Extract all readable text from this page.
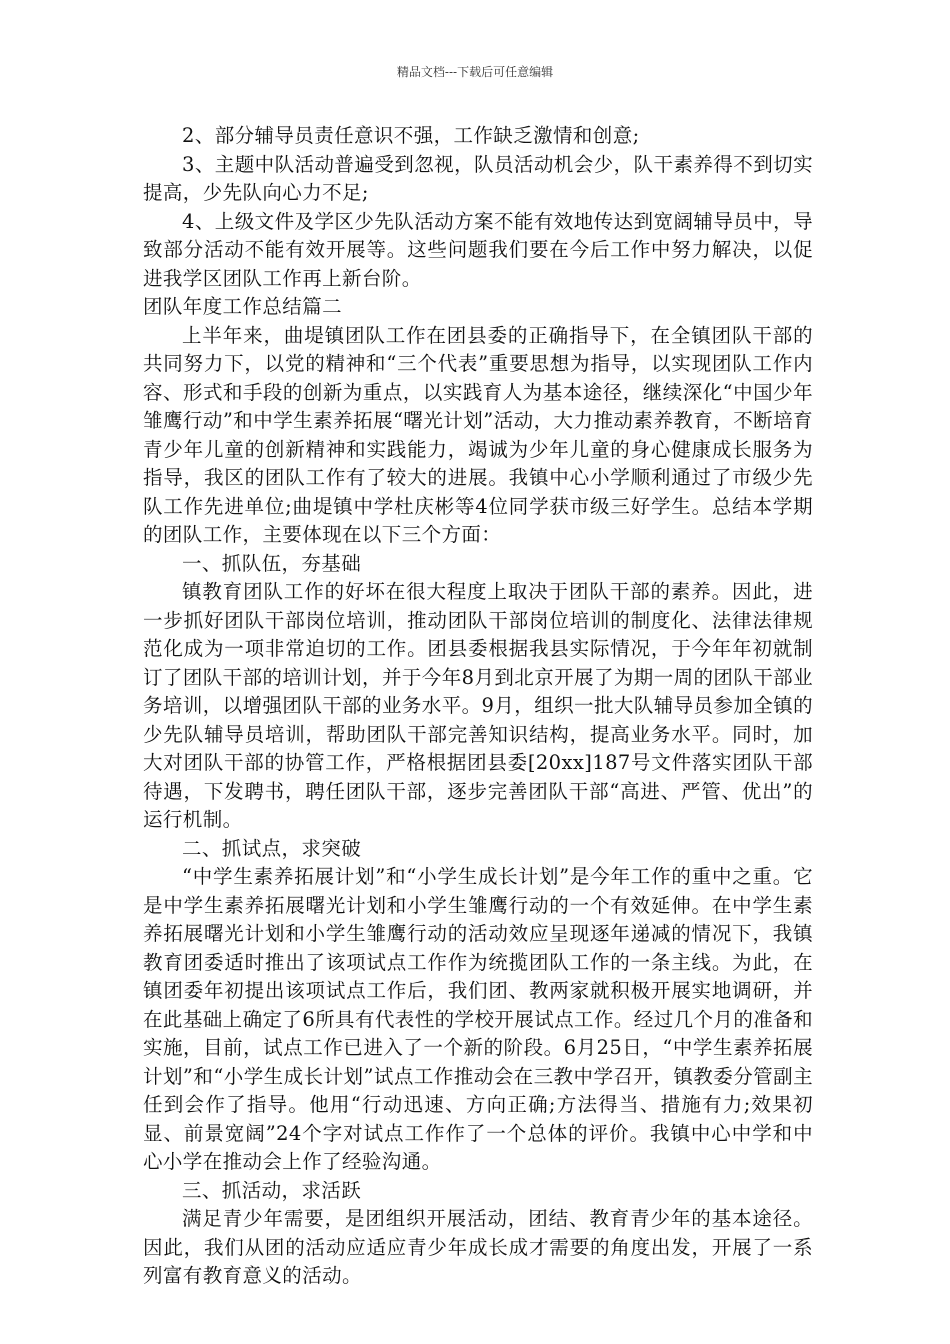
精品文档---下载后可任意编辑

2、部分辅导员责任意识不强，工作缺乏激情和创意;

3、主题中队活动普遍受到忽视，队员活动机会少，队干素养得不到切实提高，少先队向心力不足;

4、上级文件及学区少先队活动方案不能有效地传达到宽阔辅导员中，导致部分活动不能有效开展等。这些问题我们要在今后工作中努力解决，以促进我学区团队工作再上新台阶。

团队年度工作总结篇二

上半年来，曲堤镇团队工作在团县委的正确指导下，在全镇团队干部的共同努力下，以党的精神和“三个代表”重要思想为指导，以实现团队工作内容、形式和手段的创新为重点，以实践育人为基本途径，继续深化“中国少年雏鹰行动”和中学生素养拓展“曙光计划”活动，大力推动素养教育，不断培育青少年儿童的创新精神和实践能力，竭诚为少年儿童的身心健康成长服务为指导，我区的团队工作有了较大的进展。我镇中心小学顺利通过了市级少先队工作先进单位;曲堤镇中学杜庆彬等4位同学获市级三好学生。总结本学期的团队工作，主要体现在以下三个方面：

一、抓队伍，夯基础

镇教育团队工作的好坏在很大程度上取决于团队干部的素养。因此，进一步抓好团队干部岗位培训，推动团队干部岗位培训的制度化、法律法律规范化成为一项非常迫切的工作。团县委根据我县实际情况，于今年年初就制订了团队干部的培训计划，并于今年8月到北京开展了为期一周的团队干部业务培训，以增强团队干部的业务水平。9月，组织一批大队辅导员参加全镇的少先队辅导员培训，帮助团队干部完善知识结构，提高业务水平。同时，加大对团队干部的协管工作，严格根据团县委[20xx]187号文件落实团队干部待遇，下发聘书，聘任团队干部，逐步完善团队干部“高进、严管、优出”的运行机制。

二、抓试点，求突破

“中学生素养拓展计划”和“小学生成长计划”是今年工作的重中之重。它是中学生素养拓展曙光计划和小学生雏鹰行动的一个有效延伸。在中学生素养拓展曙光计划和小学生雏鹰行动的活动效应呈现逐年递减的情况下，我镇教育团委适时推出了该项试点工作作为统揽团队工作的一条主线。为此，在镇团委年初提出该项试点工作后，我们团、教两家就积极开展实地调研，并在此基础上确定了6所具有代表性的学校开展试点工作。经过几个月的准备和实施，目前，试点工作已进入了一个新的阶段。6月25日，“中学生素养拓展计划”和“小学生成长计划”试点工作推动会在三教中学召开，镇教委分管副主任到会作了指导。他用“行动迅速、方向正确;方法得当、措施有力;效果初显、前景宽阔”24个字对试点工作作了一个总体的评价。我镇中心中学和中心小学在推动会上作了经验沟通。

三、抓活动，求活跃

满足青少年需要，是团组织开展活动，团结、教育青少年的基本途径。因此，我们从团的活动应适应青少年成长成才需要的角度出发，开展了一系列富有教育意义的活动。
